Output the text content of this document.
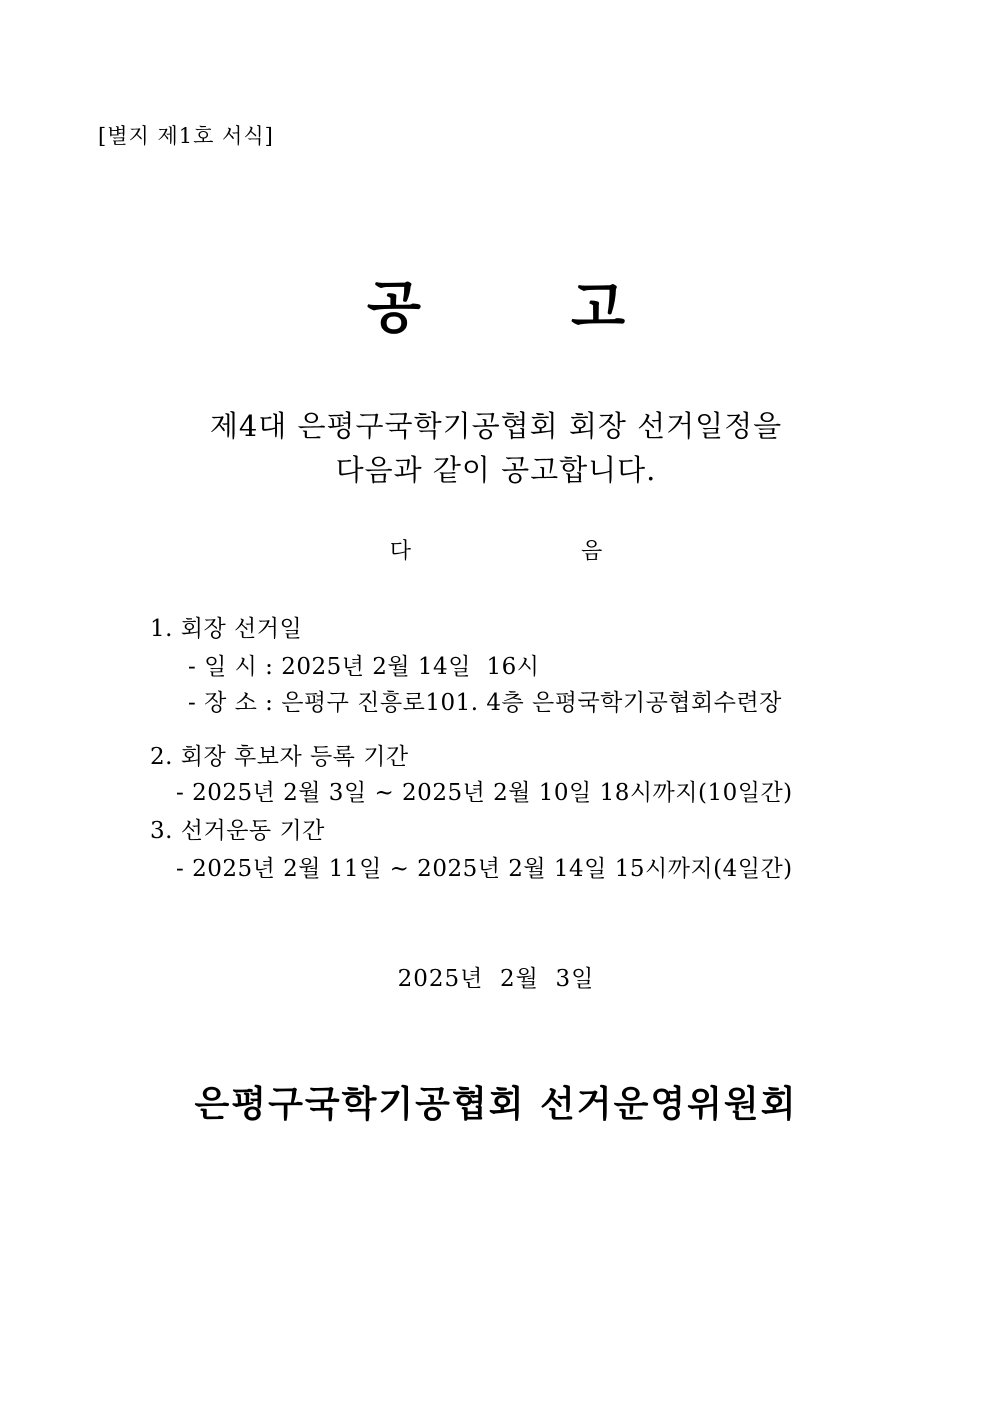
[별지 제1호 서식]
공	고
제4대 은평구국학기공협회 회장 선거일정을
다음과 같이 공고합니다.
다	음
1. 회장 선거일
- 일 시 : 2025년 2월 14일  16시
- 장 소 : 은평구 진흥로101. 4층 은평국학기공협회수련장
2. 회장 후보자 등록 기간
- 2025년 2월 3일 ~ 2025년 2월 10일 18시까지(10일간)
3. 선거운동 기간
- 2025년 2월 11일 ~ 2025년 2월 14일 15시까지(4일간)
2025년  2월  3일
은평구국학기공협회 선거운영위원회
